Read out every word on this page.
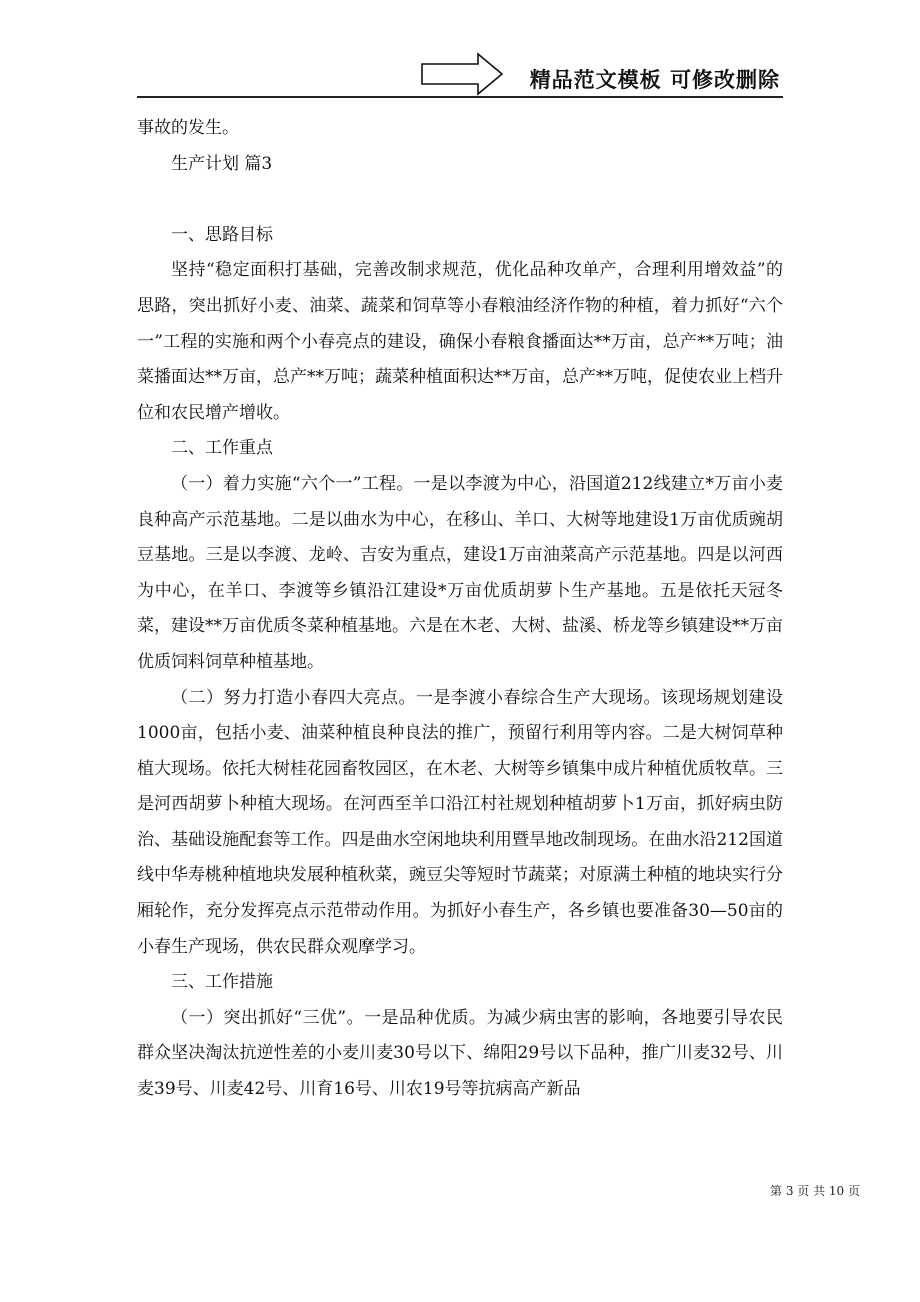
精品范文模板 可修改删除

事故的发生。

生产计划 篇3

一、思路目标

坚持“稳定面积打基础，完善改制求规范，优化品种攻单产，合理利用增效益”的思路，突出抓好小麦、油菜、蔬菜和饲草等小春粮油经济作物的种植，着力抓好“六个一”工程的实施和两个小春亮点的建设，确保小春粮食播面达**万亩，总产**万吨；油菜播面达**万亩，总产**万吨；蔬菜种植面积达**万亩，总产**万吨，促使农业上档升位和农民增产增收。

二、工作重点

（一）着力实施“六个一”工程。一是以李渡为中心，沿国道212线建立*万亩小麦良种高产示范基地。二是以曲水为中心，在移山、羊口、大树等地建设1万亩优质豌胡豆基地。三是以李渡、龙岭、吉安为重点，建设1万亩油菜高产示范基地。四是以河西为中心，在羊口、李渡等乡镇沿江建设*万亩优质胡萝卜生产基地。五是依托天冠冬菜，建设**万亩优质冬菜种植基地。六是在木老、大树、盐溪、桥龙等乡镇建设**万亩优质饲料饲草种植基地。

（二）努力打造小春四大亮点。一是李渡小春综合生产大现场。该现场规划建设1000亩，包括小麦、油菜种植良种良法的推广，预留行利用等内容。二是大树饲草种植大现场。依托大树桂花园畜牧园区，在木老、大树等乡镇集中成片种植优质牧草。三是河西胡萝卜种植大现场。在河西至羊口沿江村社规划种植胡萝卜1万亩，抓好病虫防治、基础设施配套等工作。四是曲水空闲地块利用暨旱地改制现场。在曲水沿212国道线中华寿桃种植地块发展种植秋菜，豌豆尖等短时节蔬菜；对原满土种植的地块实行分厢轮作，充分发挥亮点示范带动作用。为抓好小春生产，各乡镇也要准备30—50亩的小春生产现场，供农民群众观摩学习。

三、工作措施

（一）突出抓好“三优”。一是品种优质。为减少病虫害的影响，各地要引导农民群众坚决淘汰抗逆性差的小麦川麦30号以下、绵阳29号以下品种，推广川麦32号、川麦39号、川麦42号、川育16号、川农19号等抗病高产新品

第 3 页 共 10 页
